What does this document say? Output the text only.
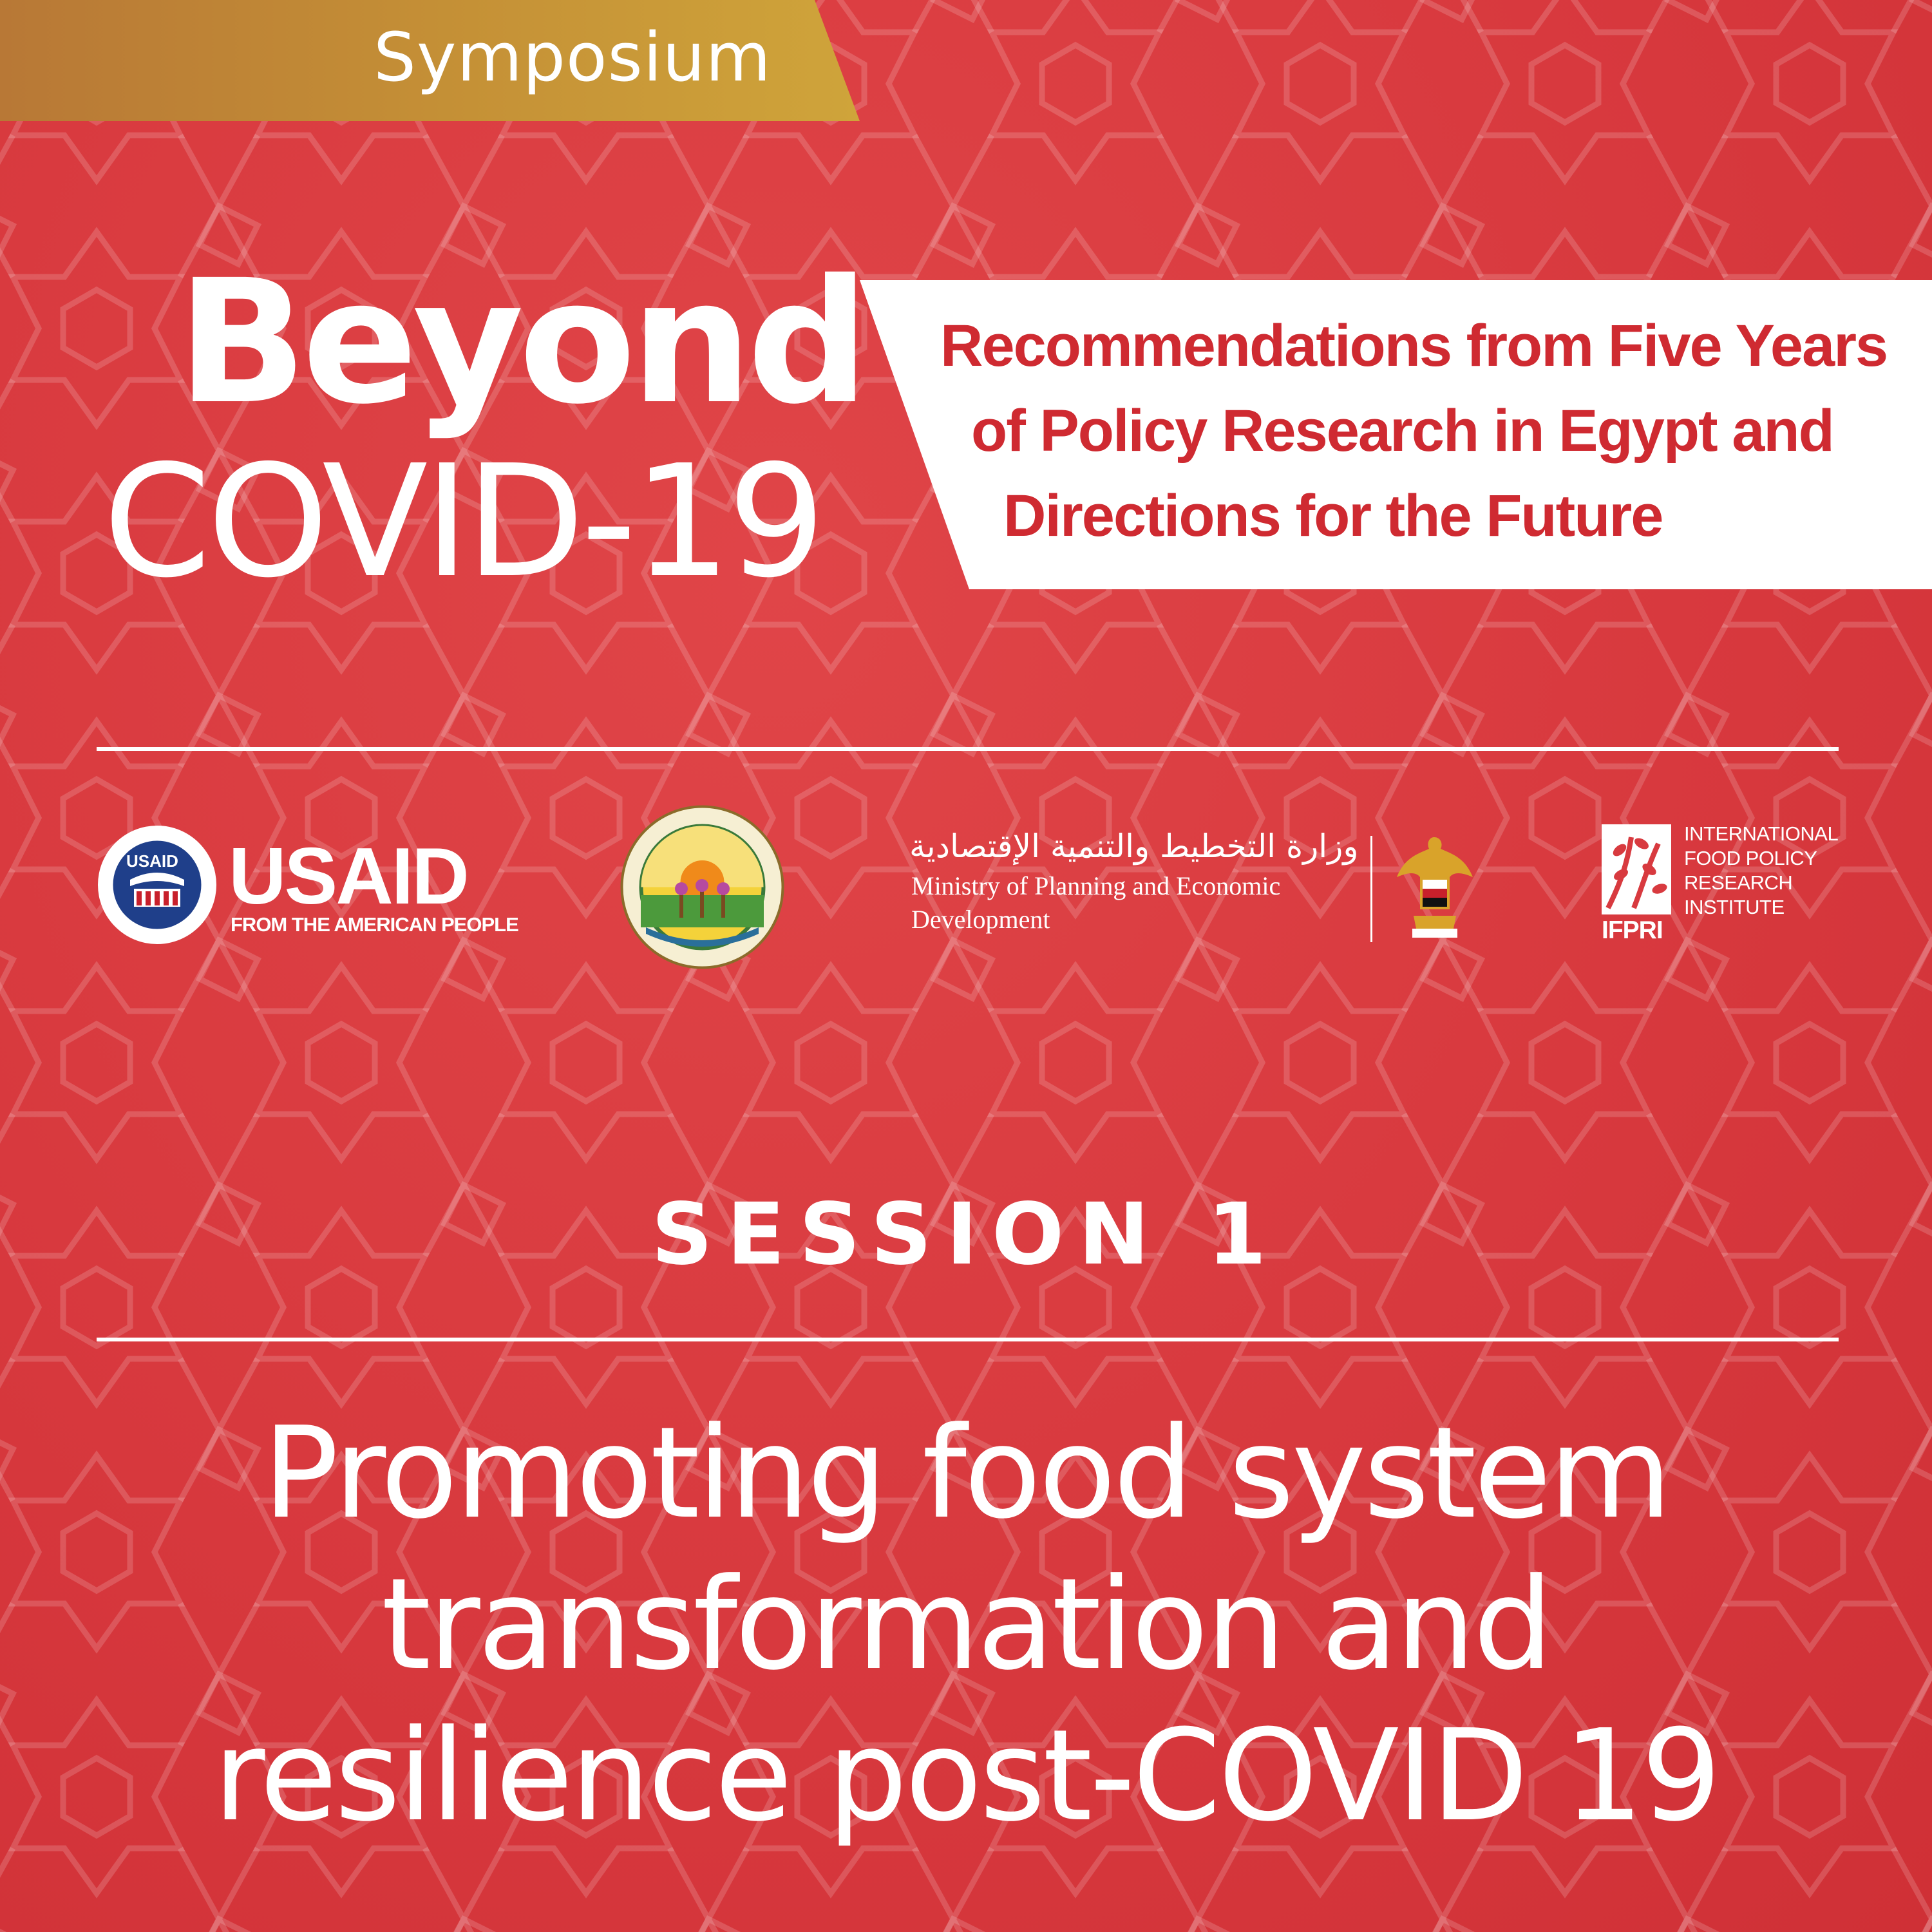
Symposium
Beyond
COVID-19
Recommendations from Five Years
of Policy Research in Egypt and
Directions for the Future
USAID USAID
FROM THE AMERICAN PEOPLE
وزارة التخطيط والتنمية الإقتصادية
Ministry of Planning and Economic
Development	IFPRI
INTERNATIONAL
FOOD POLICY
RESEARCH
INSTITUTE
SESSION 1
Promoting food system
transformation and
resilience post-COVID 19
